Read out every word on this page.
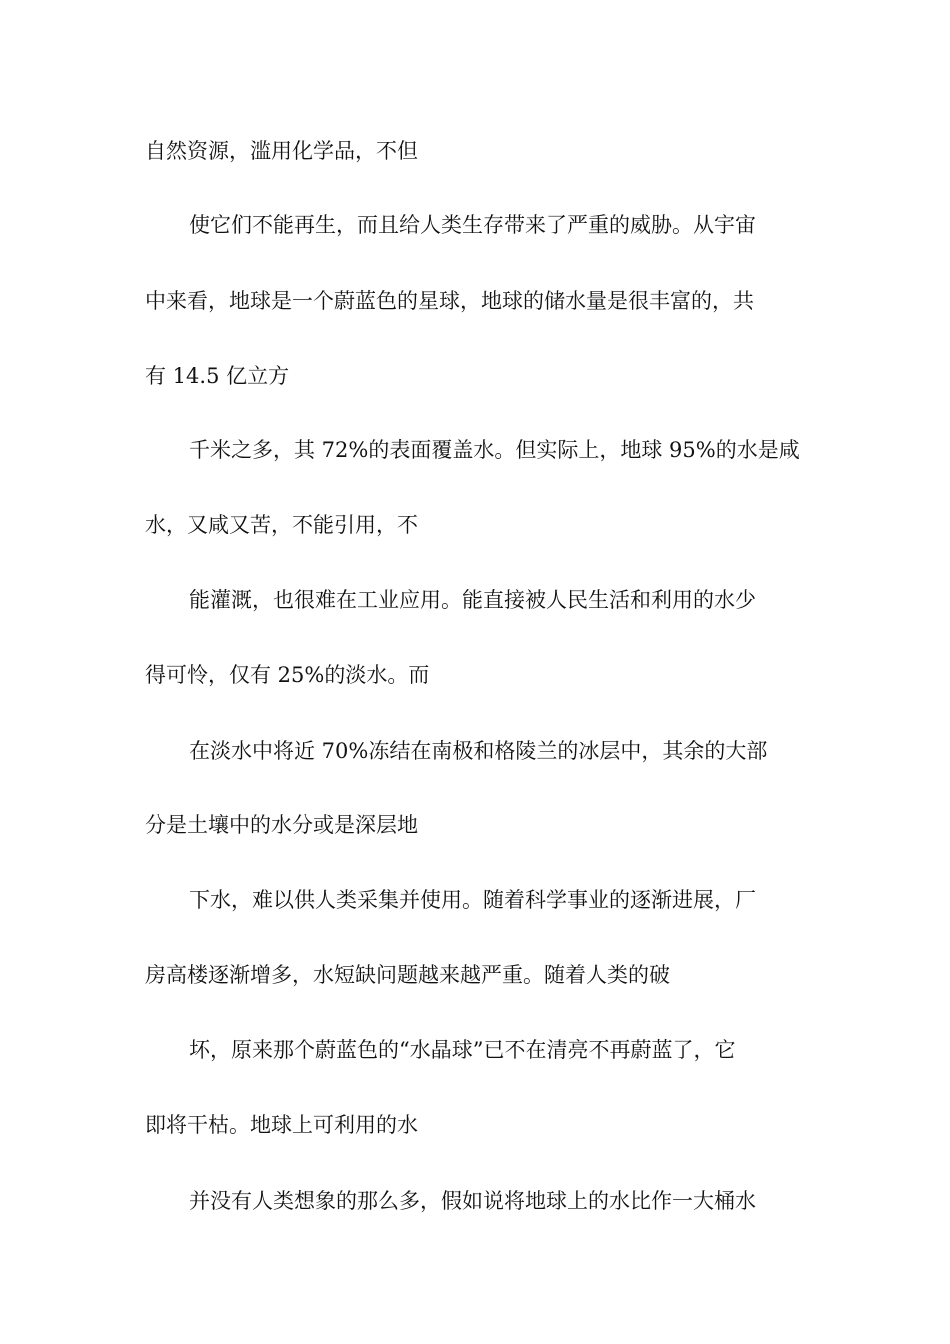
自然资源，滥用化学品，不但
使它们不能再生，而且给人类生存带来了严重的威胁。从宇宙
中来看，地球是一个蔚蓝色的星球，地球的储水量是很丰富的，共
有 14.5 亿立方
千米之多，其 72%的表面覆盖水。但实际上，地球 95%的水是咸
水，又咸又苦，不能引用，不
能灌溉，也很难在工业应用。能直接被人民生活和利用的水少
得可怜，仅有 25%的淡水。而
在淡水中将近 70%冻结在南极和格陵兰的冰层中，其余的大部
分是土壤中的水分或是深层地
下水，难以供人类采集并使用。随着科学事业的逐渐进展，厂
房高楼逐渐增多，水短缺问题越来越严重。随着人类的破
坏，原来那个蔚蓝色的“水晶球”已不在清亮不再蔚蓝了，它
即将干枯。地球上可利用的水
并没有人类想象的那么多，假如说将地球上的水比作一大桶水
